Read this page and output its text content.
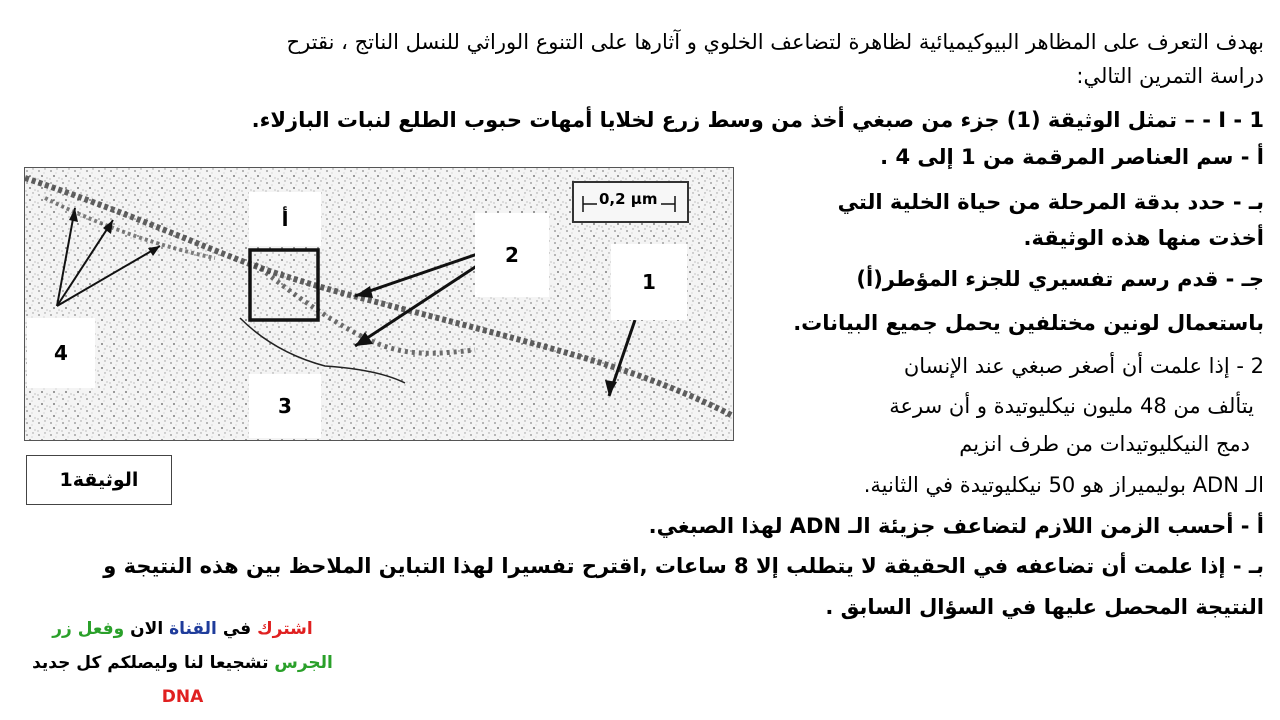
بهدف التعرف على المظاهر البيوكيميائية لظاهرة لتضاعف الخلوي و آثارها على التنوع الوراثي للنسل الناتج ، نقترح
دراسة التمرين التالي:
I - 1 - – تمثل الوثيقة (1) جزء من صبغي أخذ من وسط زرع لخلايا أمهات حبوب الطلع لنبات البازلاء.
أ - سم العناصر المرقمة من 1 إلى 4 .
بـ - حدد بدقة المرحلة من حياة الخلية التي
أخذت منها هذه الوثيقة.
جـ - قدم رسم تفسيري للجزء المؤطر(أ)
باستعمال لونين مختلفين يحمل جميع البيانات.
2 - إذا علمت أن أصغر صبغي عند الإنسان
يتألف من 48 مليون نيكليوتيدة و أن سرعة
دمج النيكليوتيدات من طرف انزيم
الـ ADN بوليميراز هو 50 نيكليوتيدة في الثانية.
أ - أحسب الزمن اللازم لتضاعف جزيئة الـ ADN لهذا الصبغي.
بـ - إذا علمت أن تضاعفه في الحقيقة لا يتطلب إلا 8 ساعات ,اقترح تفسيرا لهذا التباين الملاحظ بين هذه النتيجة و
النتيجة المحصل عليها في السؤال السابق .
0,2 μm
أ
2
1
4
3
الوثيقة1
اشترك في القناة الان وفعل زر
الجرس تشجيعا لنا وليصلكم كل جديد
DNA
